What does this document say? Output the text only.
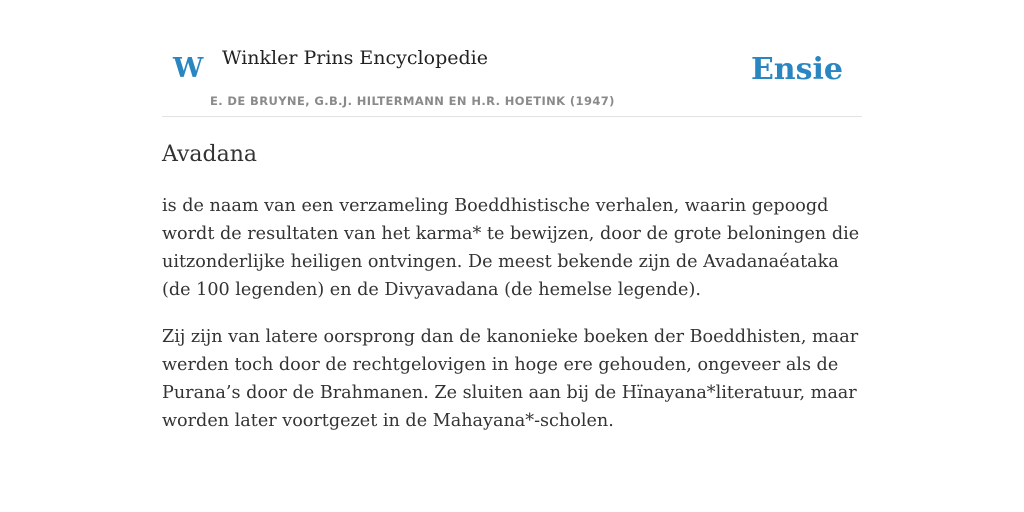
W Winkler Prins Encyclopedie
E. DE BRUYNE, G.B.J. HILTERMANN EN H.R. HOETINK (1947)
Ensie
Avadana

is de naam van een verzameling Boeddhistische verhalen, waarin gepoogd wordt de resultaten van het karma* te bewijzen, door de grote beloningen die uitzonderlijke heiligen ontvingen. De meest bekende zijn de Avadanaéataka (de 100 legenden) en de Divyavadana (de hemelse legende).

Zij zijn van latere oorsprong dan de kanonieke boeken der Boeddhisten, maar werden toch door de rechtgelovigen in hoge ere gehouden, ongeveer als de Purana’s door de Brahmanen. Ze sluiten aan bij de Hïnayana*literatuur, maar worden later voortgezet in de Mahayana*-scholen.
